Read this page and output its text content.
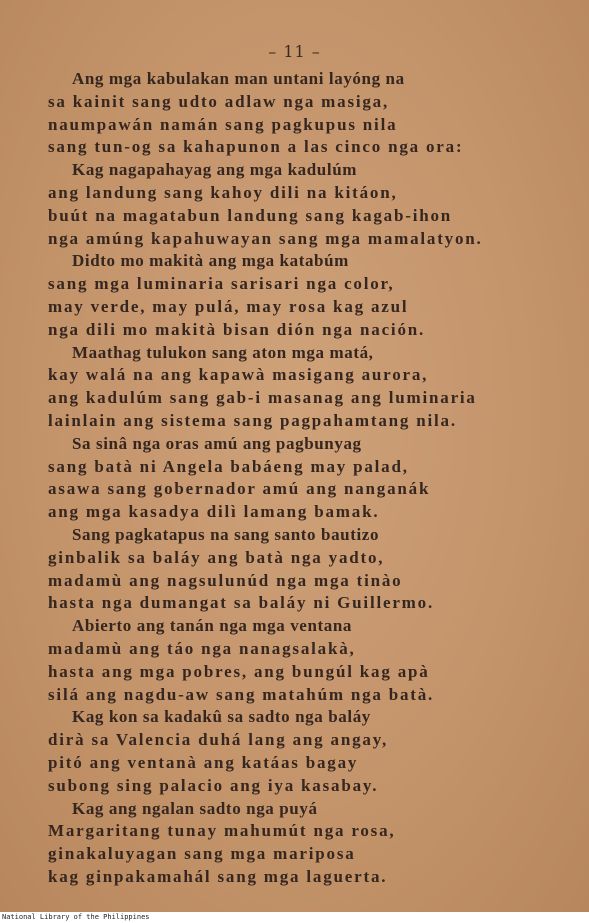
– 11 –
Ang mga kabulakan man untani layóng na
sa kainit sang udto adlaw nga masiga,
naumpawán namán sang pagkupus nila
sang tun-og sa kahapunon a las cinco nga ora:
Kag nagapahayag ang mga kadulúm
ang landung sang kahoy dili na kitáon,
buút na magatabun landung sang kagab-ihon
nga amúng kapahuwayan sang mga mamalatyon.
Didto mo makità ang mga katabúm
sang mga luminaria sarisari nga color,
may verde, may pulá, may rosa kag azul
nga dili mo makità bisan dión nga nación.
Maathag tulukon sang aton mga matá,
kay walá na ang kapawà masigang aurora,
ang kadulúm sang gab-i masanag ang luminaria
lainlain ang sistema sang pagpahamtang nila.
Sa sinâ nga oras amú ang pagbunyag
sang batà ni Angela babáeng may palad,
asawa sang gobernador amú ang nanganák
ang mga kasadya dilì lamang bamak.
Sang pagkatapus na sang santo bautizo
ginbalik sa baláy ang batà nga yadto,
madamù ang nagsulunúd nga mga tinào
hasta nga dumangat sa baláy ni Guillermo.
Abierto ang tanán nga mga ventana
madamù ang táo nga nanagsalakà,
hasta ang mga pobres, ang bungúl kag apà
silá ang nagdu-aw sang matahúm nga batà.
Kag kon sa kadakû sa sadto nga baláy
dirà sa Valencia duhá lang ang angay,
pitó ang ventanà ang katáas bagay
subong sing palacio ang iya kasabay.
Kag ang ngalan sadto nga puyá
Margaritang tunay mahumút nga rosa,
ginakaluyagan sang mga mariposa
kag ginpakamahál sang mga laguerta.
National Library of the Philippines
